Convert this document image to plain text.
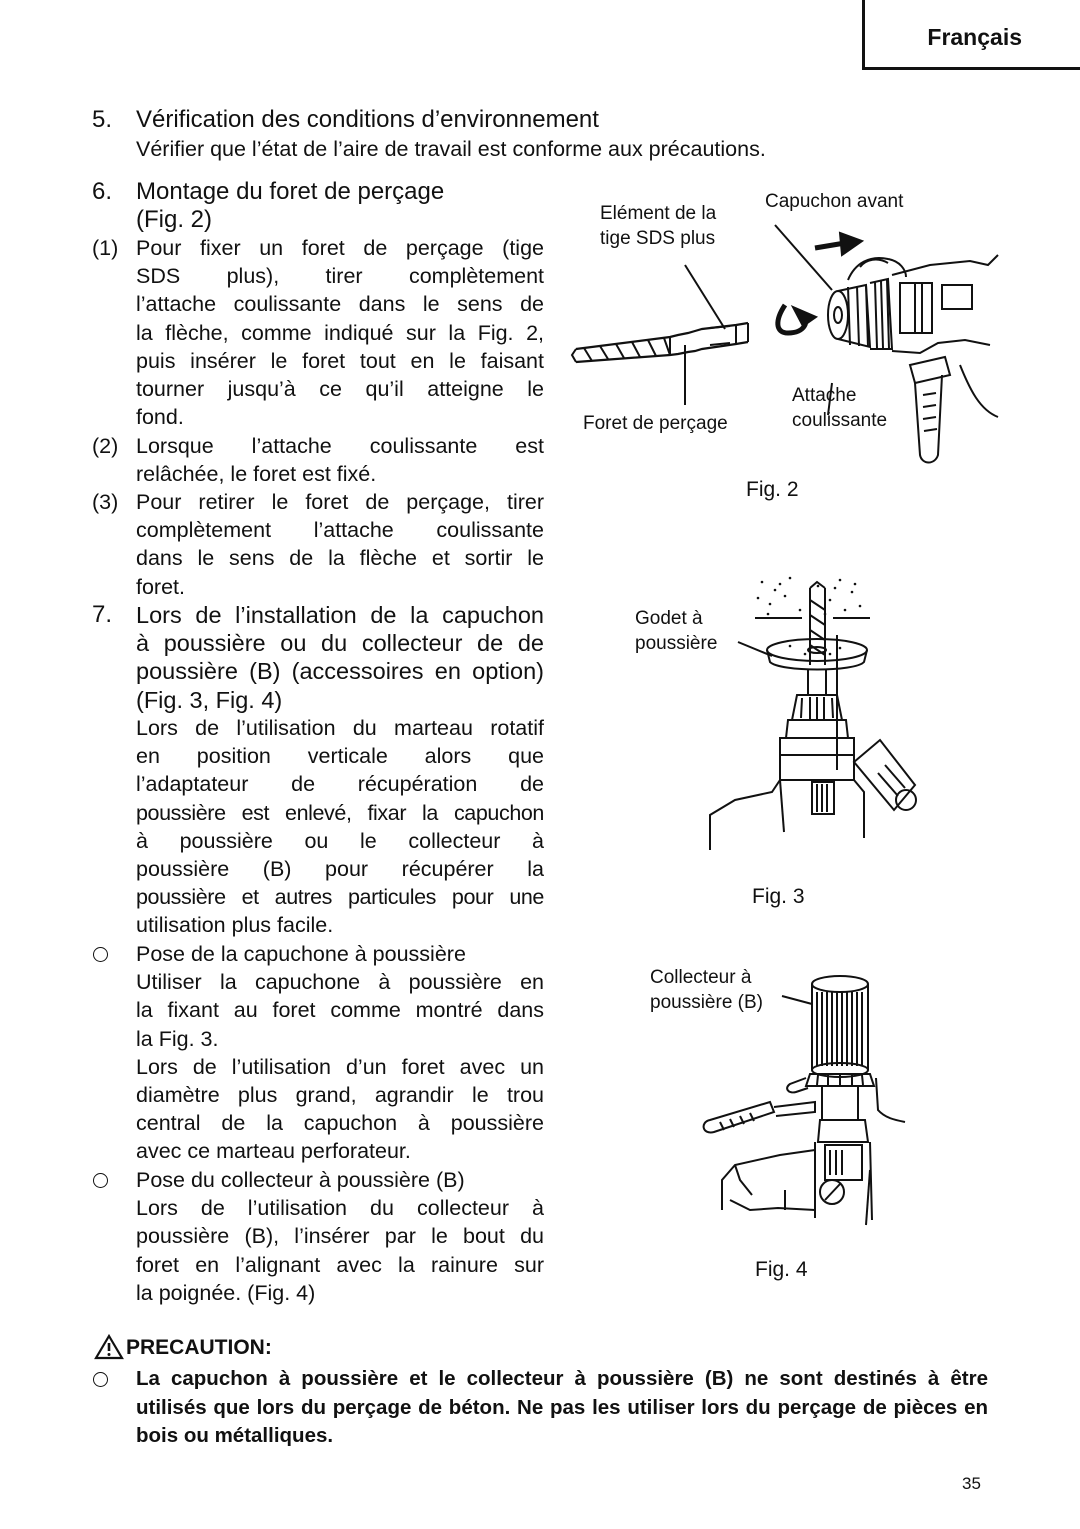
Français
5. Vérification des conditions d’environnement
Vérifier que l’état de l’aire de travail est conforme aux précautions.
6. Montage du foret de perçage
(Fig. 2)
(1) Pour fixer un foret de perçage (tige
SDS plus), tirer complètement
l’attache coulissante dans le sens de
la flèche, comme indiqué sur la Fig. 2,
puis insérer le foret tout en le faisant
tourner jusqu’à ce qu’il atteigne le
fond.
(2) Lorsque l’attache coulissante est
relâchée, le foret est fixé.
(3) Pour retirer le foret de perçage, tirer
complètement l’attache coulissante
dans le sens de la flèche et sortir le
foret.
7. Lors de l’installation de la capuchon
à poussière ou du collecteur de de
poussière (B) (accessoires en option)
(Fig. 3, Fig. 4)
Lors de l’utilisation du marteau rotatif
en position verticale alors que
l’adaptateur de récupération de
poussière est enlevé, fixar la capuchon
à poussière ou le collecteur à
poussière (B) pour récupérer la
poussière et autres particules pour une
utilisation plus facile.
Pose de la capuchone à poussière
Utiliser la capuchone à poussière en
la fixant au foret comme montré dans
la Fig. 3.
Lors de l’utilisation d’un foret avec un
diamètre plus grand, agrandir le trou
central de la capuchon à poussière
avec ce marteau perforateur.
Pose du collecteur à poussière (B)
Lors de l’utilisation du collecteur à
poussière (B), l’insérer par le bout du
foret en l’alignant avec la rainure sur
la poignée. (Fig. 4)
Elément de la
tige SDS plus
Capuchon avant
Foret de perçage
Attache
coulissante
Fig. 2
Godet à
poussière
Fig. 3
Collecteur à
poussière (B)
Fig. 4
PRECAUTION:
La capuchon à poussière et le collecteur à poussière (B) ne sont destinés à être utilisés que lors du perçage de béton. Ne pas les utiliser lors du perçage de pièces en bois ou métalliques.
35
